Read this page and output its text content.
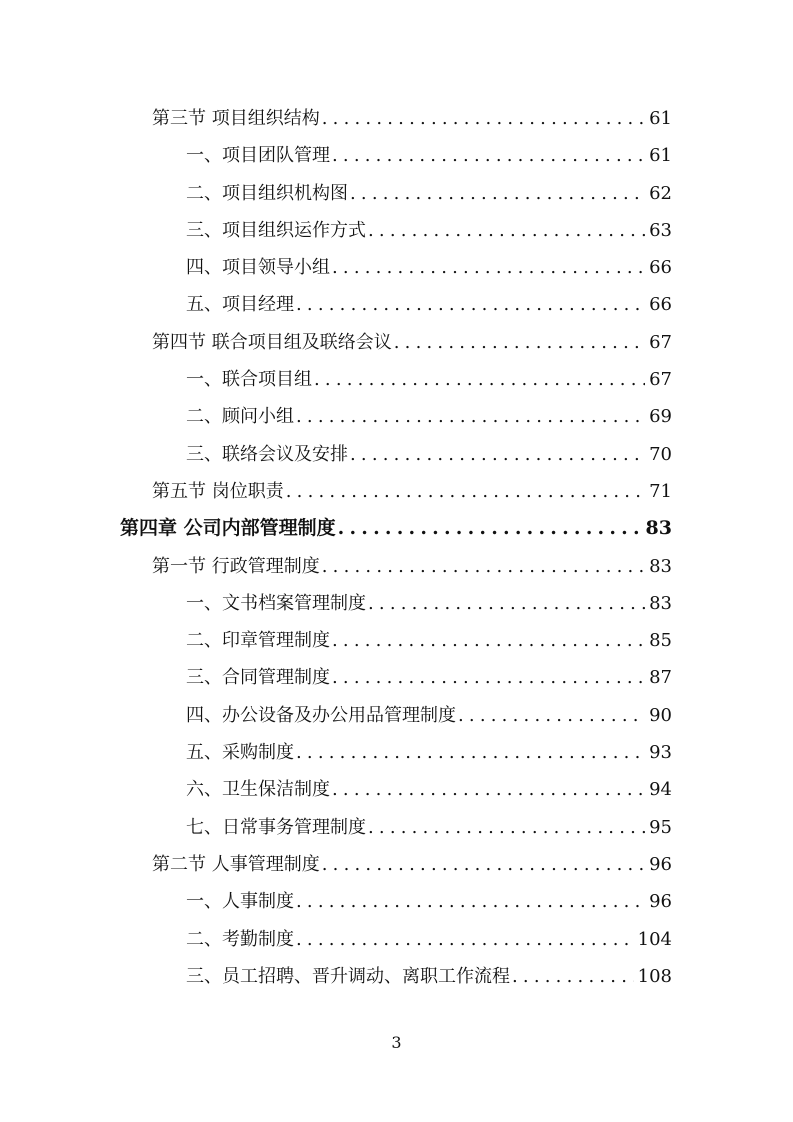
第三节 项目组织结构 .....	61
一、项目团队管理 .....	61
二、项目组织机构图 .....	62
三、项目组织运作方式 .....	63
四、项目领导小组 .....	66
五、项目经理 .....	66
第四节 联合项目组及联络会议 .....	67
一、联合项目组 .....	67
二、顾问小组 .....	69
三、联络会议及安排 .....	70
第五节 岗位职责 .....	71
第四章 公司内部管理制度 .....	83
第一节 行政管理制度 .....	83
一、文书档案管理制度 .....	83
二、印章管理制度 .....	85
三、合同管理制度 .....	87
四、办公设备及办公用品管理制度 .....	90
五、采购制度 .....	93
六、卫生保洁制度 .....	94
七、日常事务管理制度 .....	95
第二节 人事管理制度 .....	96
一、人事制度 .....	96
二、考勤制度 .....	104
三、员工招聘、晋升调动、离职工作流程 .....	108
3
